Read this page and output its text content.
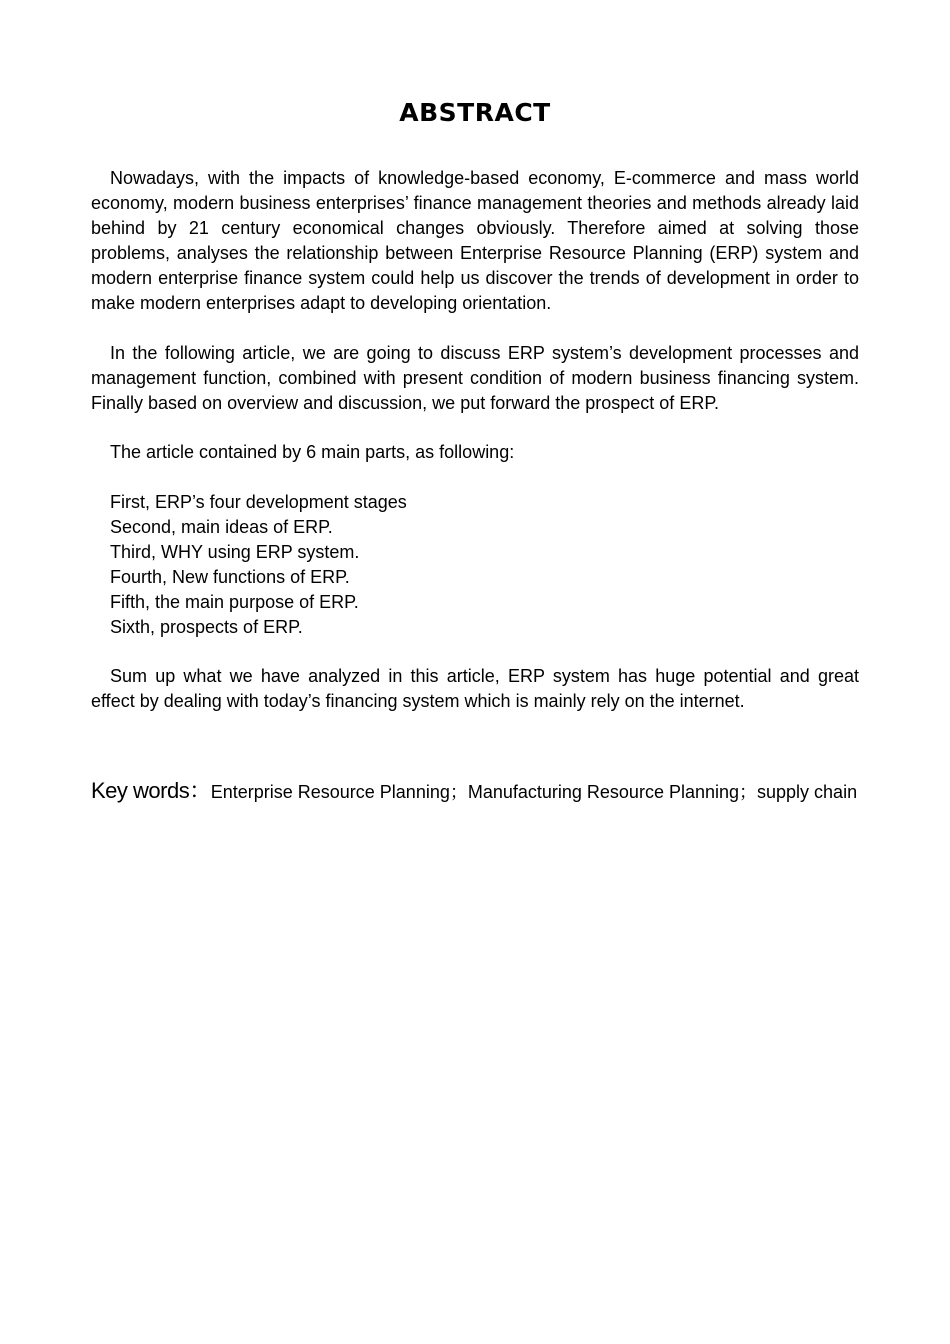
ABSTRACT

Nowadays, with the impacts of knowledge-based economy, E-commerce and mass world economy, modern business enterprises’ finance management theories and methods already laid behind by 21 century economical changes obviously. Therefore aimed at solving those problems, analyses the relationship between Enterprise Resource Planning (ERP) system and modern enterprise finance system could help us discover the trends of development in order to make modern enterprises adapt to developing orientation.

In the following article, we are going to discuss ERP system’s development processes and management function, combined with present condition of modern business financing system. Finally based on overview and discussion, we put forward the prospect of ERP.

The article contained by 6 main parts, as following:

First, ERP’s four development stages
Second, main ideas of ERP.
Third, WHY using ERP system.
Fourth, New functions of ERP.
Fifth, the main purpose of ERP.
Sixth, prospects of ERP.

Sum up what we have analyzed in this article, ERP system has huge potential and great effect by dealing with today’s financing system which is mainly rely on the internet.

Key words：Enterprise Resource Planning；Manufacturing Resource Planning；supply chain
